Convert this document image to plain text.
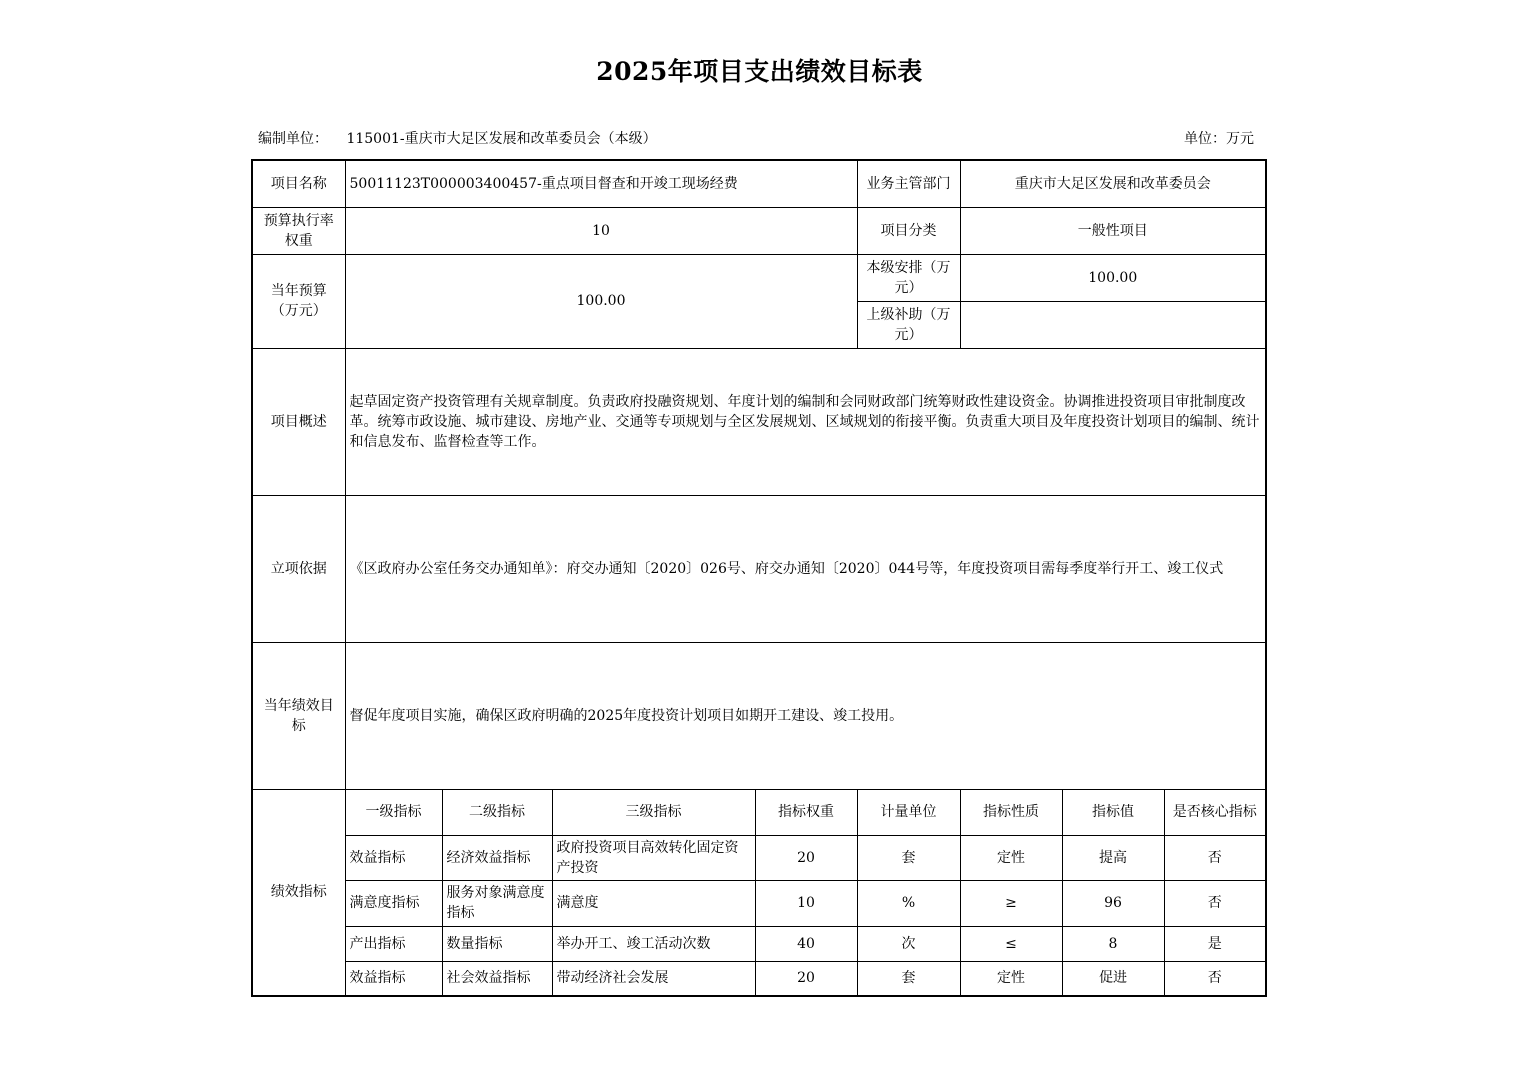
2025年项目支出绩效目标表
编制单位： 115001-重庆市大足区发展和改革委员会（本级）	单位：万元
项目名称	50011123T000003400457-重点项目督查和开竣工现场经费				业务主管部门	重庆市大足区发展和改革委员会		
预算执行率权重	10				项目分类	一般性项目		
当年预算（万元）	100.00				本级安排（万元）	100.00		
					上级补助（万元）			
项目概述	起草固定资产投资管理有关规章制度。负责政府投融资规划、年度计划的编制和会同财政部门统筹财政性建设资金。协调推进投资项目审批制度改革。统筹市政设施、城市建设、房地产业、交通等专项规划与全区发展规划、区域规划的衔接平衡。负责重大项目及年度投资计划项目的编制、统计和信息发布、监督检查等工作。							
立项依据	《区政府办公室任务交办通知单》：府交办通知〔2020〕026号、府交办通知〔2020〕044号等，年度投资项目需每季度举行开工、竣工仪式							
当年绩效目标	督促年度项目实施，确保区政府明确的2025年度投资计划项目如期开工建设、竣工投用。							
绩效指标	一级指标	二级指标	三级指标	指标权重	计量单位	指标性质	指标值	是否核心指标
	效益指标	经济效益指标	政府投资项目高效转化固定资产投资	20	套	定性	提高	否
	满意度指标	服务对象满意度指标	满意度	10	%	≥	96	否
	产出指标	数量指标	举办开工、竣工活动次数	40	次	≤	8	是
	效益指标	社会效益指标	带动经济社会发展	20	套	定性	促进	否
